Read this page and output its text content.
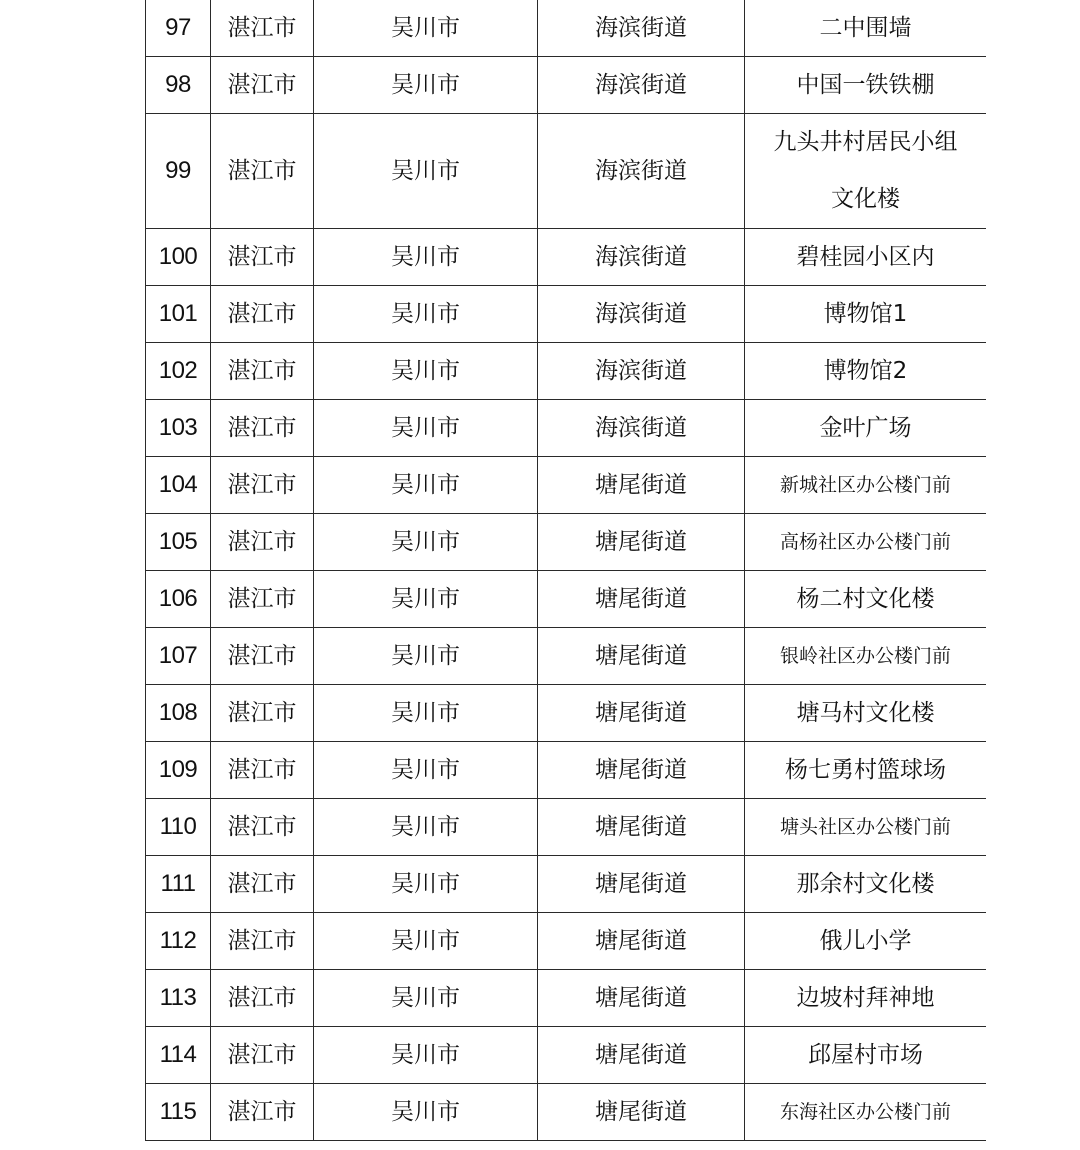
97	湛江市	吴川市	海滨街道	二中围墙
98	湛江市	吴川市	海滨街道	中国一铁铁棚
99	湛江市	吴川市	海滨街道	九头井村居民小组
文化楼

100	湛江市	吴川市	海滨街道	碧桂园小区内
101	湛江市	吴川市	海滨街道	博物馆1
102	湛江市	吴川市	海滨街道	博物馆2
103	湛江市	吴川市	海滨街道	金叶广场
104	湛江市	吴川市	塘尾街道	新城社区办公楼门前
105	湛江市	吴川市	塘尾街道	高杨社区办公楼门前
106	湛江市	吴川市	塘尾街道	杨二村文化楼
107	湛江市	吴川市	塘尾街道	银岭社区办公楼门前
108	湛江市	吴川市	塘尾街道	塘马村文化楼
109	湛江市	吴川市	塘尾街道	杨七勇村篮球场
110	湛江市	吴川市	塘尾街道	塘头社区办公楼门前
111	湛江市	吴川市	塘尾街道	那余村文化楼
112	湛江市	吴川市	塘尾街道	俄儿小学
113	湛江市	吴川市	塘尾街道	边坡村拜神地
114	湛江市	吴川市	塘尾街道	邱屋村市场
115	湛江市	吴川市	塘尾街道	东海社区办公楼门前
